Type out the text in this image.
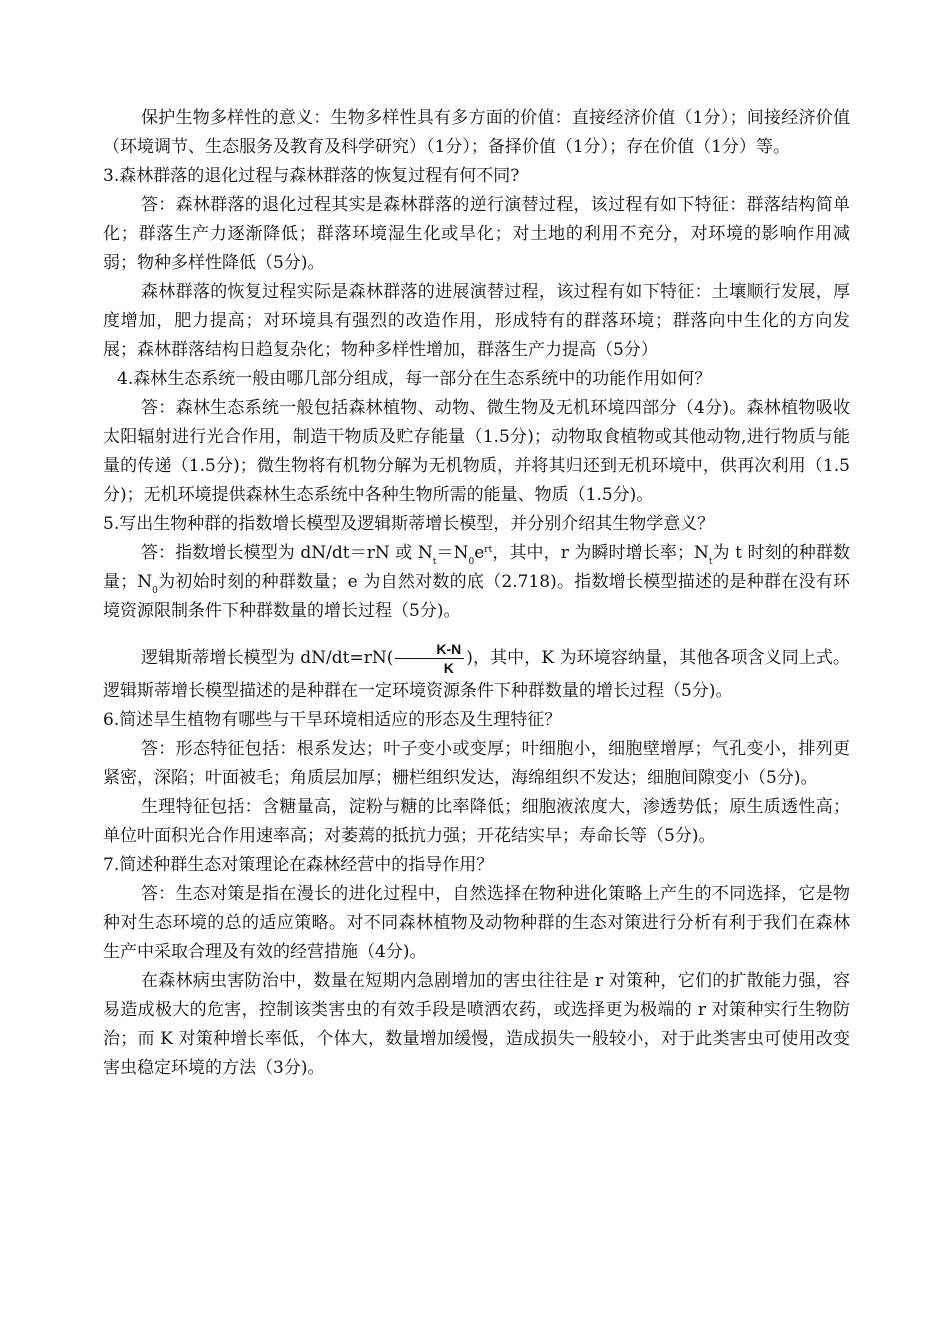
保护生物多样性的意义：生物多样性具有多方面的价值：直接经济价值（1分）；间接经济价值（环境调节、生态服务及教育及科学研究）（1分）；备择价值（1分）；存在价值（1分）等。

3.森林群落的退化过程与森林群落的恢复过程有何不同?

答：森林群落的退化过程其实是森林群落的逆行演替过程，该过程有如下特征：群落结构简单化；群落生产力逐渐降低；群落环境湿生化或旱化；对土地的利用不充分，对环境的影响作用减弱；物种多样性降低（5分)。

森林群落的恢复过程实际是森林群落的进展演替过程，该过程有如下特征：土壤顺行发展，厚度增加，肥力提高；对环境具有强烈的改造作用，形成特有的群落环境；群落向中生化的方向发展；森林群落结构日趋复杂化；物种多样性增加，群落生产力提高（5分）

4.森林生态系统一般由哪几部分组成，每一部分在生态系统中的功能作用如何？

答：森林生态系统一般包括森林植物、动物、微生物及无机环境四部分（4分)。森林植物吸收太阳辐射进行光合作用，制造干物质及贮存能量（1.5分)；动物取食植物或其他动物,进行物质与能量的传递（1.5分)；微生物将有机物分解为无机物质，并将其归还到无机环境中，供再次利用（1.5分)；无机环境提供森林生态系统中各种生物所需的能量、物质（1.5分)。

5.写出生物种群的指数增长模型及逻辑斯蒂增长模型，并分别介绍其生物学意义？

答：指数增长模型为 dN/dt＝rN 或 $N_t=N_0e^{rt}$，其中，r 为瞬时增长率；$N_t$为 t 时刻的种群数量；$N_0$为初始时刻的种群数量；e 为自然对数的底（2.718)。指数增长模型描述的是种群在没有环境资源限制条件下种群数量的增长过程（5分)。

逻辑斯蒂增长模型为 $dN/dt=rN( \frac{K-N}{K}$ )，其中，K 为环境容纳量，其他各项含义同上式。逻辑斯蒂增长模型描述的是种群在一定环境资源条件下种群数量的增长过程（5分)。

6.简述旱生植物有哪些与干旱环境相适应的形态及生理特征？

答：形态特征包括：根系发达；叶子变小或变厚；叶细胞小，细胞壁增厚；气孔变小，排列更紧密，深陷；叶面被毛；角质层加厚；栅栏组织发达，海绵组织不发达；细胞间隙变小（5分)。

生理特征包括：含糖量高，淀粉与糖的比率降低；细胞液浓度大，渗透势低；原生质透性高；单位叶面积光合作用速率高；对萎蔫的抵抗力强；开花结实早；寿命长等（5分)。

7.简述种群生态对策理论在森林经营中的指导作用？

答：生态对策是指在漫长的进化过程中，自然选择在物种进化策略上产生的不同选择，它是物种对生态环境的总的适应策略。对不同森林植物及动物种群的生态对策进行分析有利于我们在森林生产中采取合理及有效的经营措施（4分)。

在森林病虫害防治中，数量在短期内急剧增加的害虫往往是 r 对策种，它们的扩散能力强，容易造成极大的危害，控制该类害虫的有效手段是喷洒农药，或选择更为极端的 r 对策种实行生物防治；而 K 对策种增长率低，个体大，数量增加缓慢，造成损失一般较小，对于此类害虫可使用改变害虫稳定环境的方法（3分)。
